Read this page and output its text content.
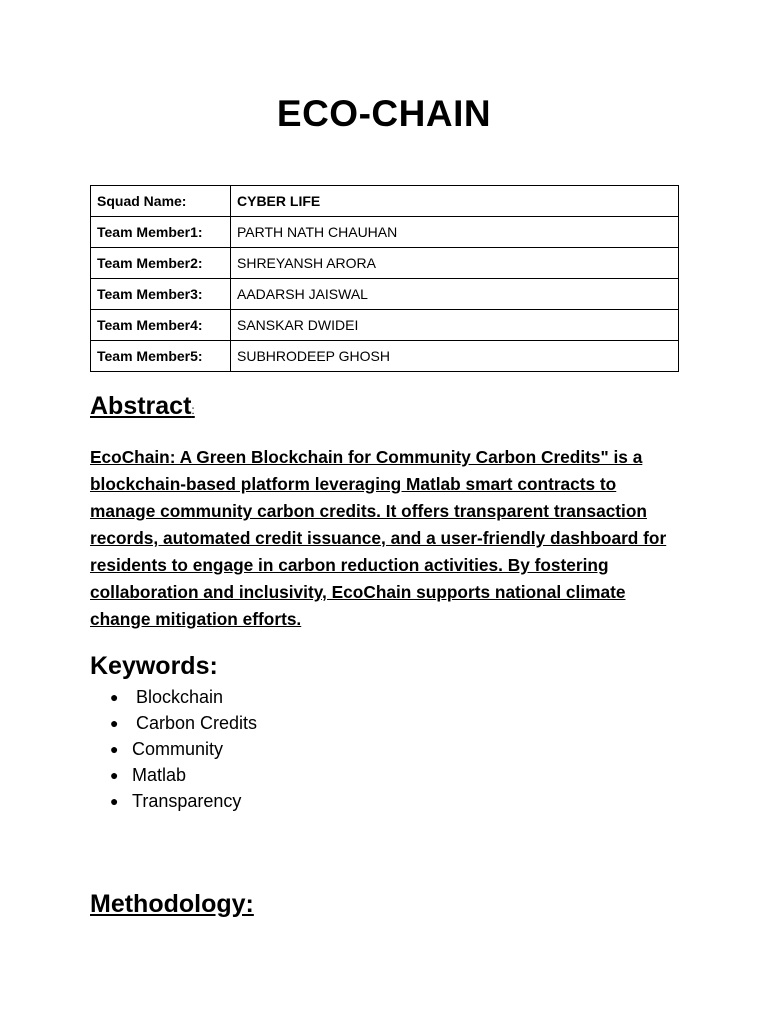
ECO-CHAIN
Squad Name:	CYBER LIFE
Team Member1:	PARTH NATH CHAUHAN
Team Member2:	SHREYANSH ARORA
Team Member3:	AADARSH JAISWAL
Team Member4:	SANSKAR DWIDEI
Team Member5:	SUBHRODEEP GHOSH
Abstract:

EcoChain: A Green Blockchain for Community Carbon Credits" is a blockchain-based platform leveraging Matlab smart contracts to manage community carbon credits. It offers transparent transaction records, automated credit issuance, and a user-friendly dashboard for residents to engage in carbon reduction activities. By fostering collaboration and inclusivity, EcoChain supports national climate change mitigation efforts.

Keywords:
● Blockchain
● Carbon Credits
● Community
● Matlab
● Transparency
Methodology:
